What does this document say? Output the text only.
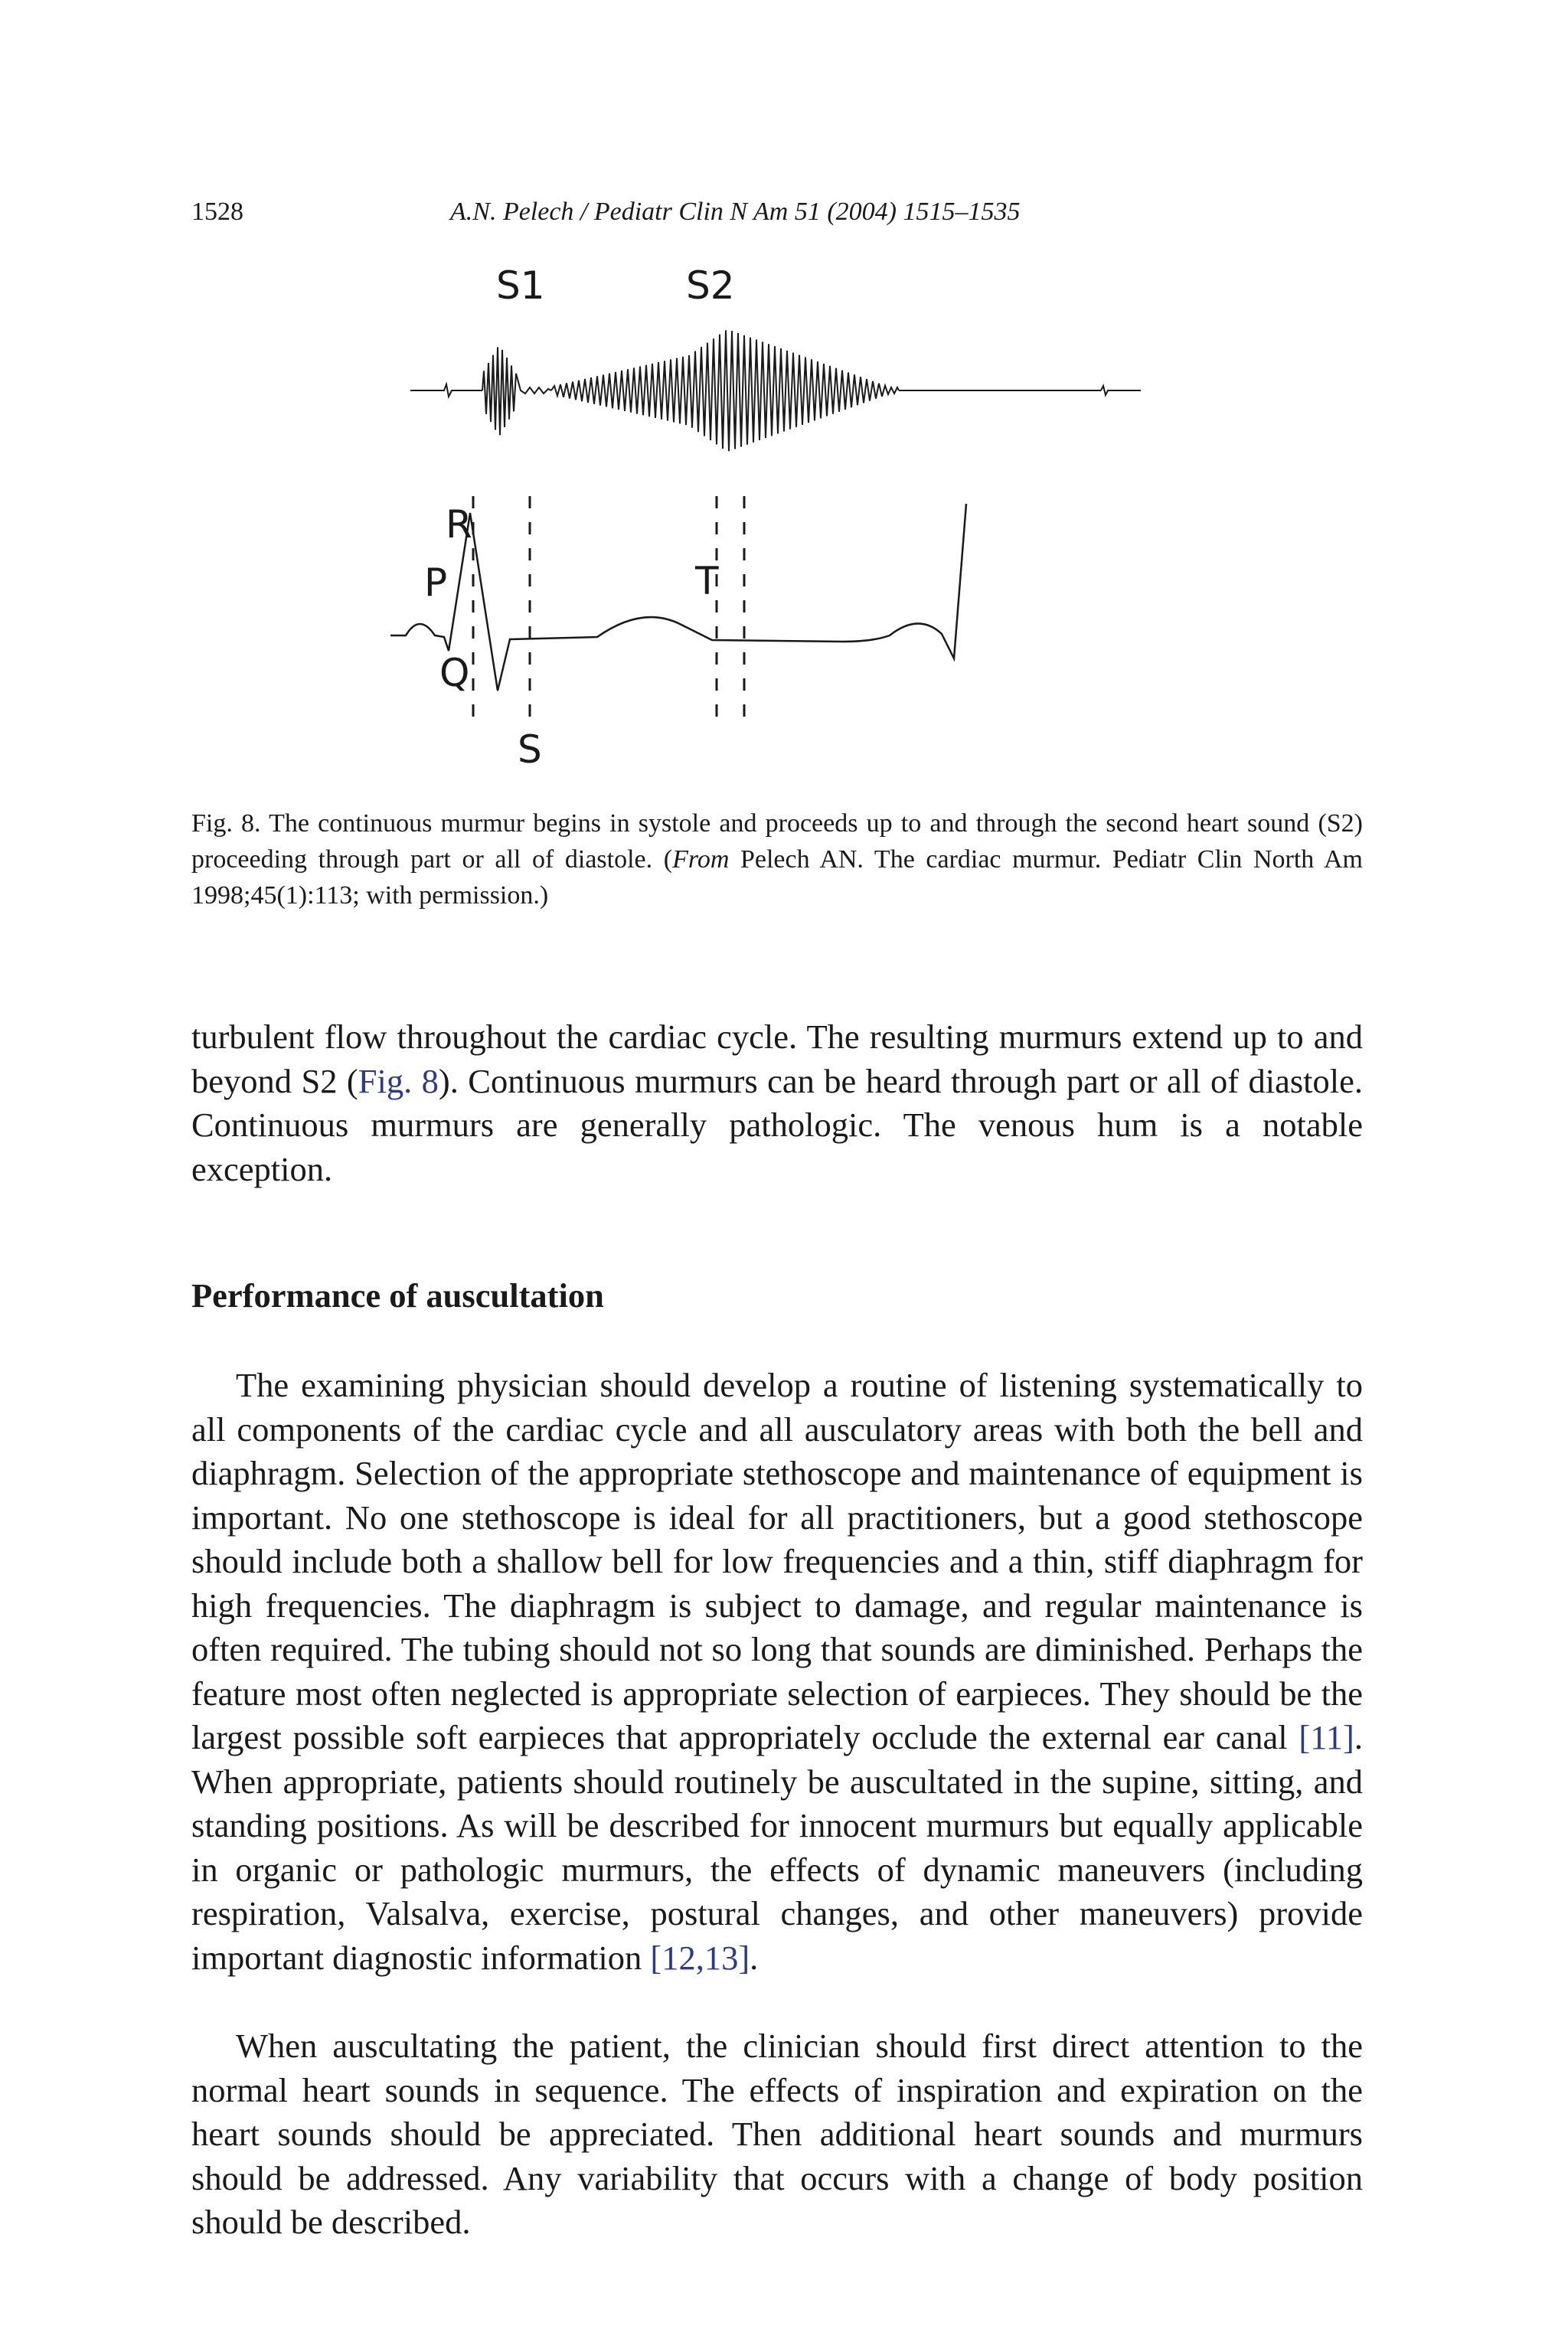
1528	A.N. Pelech / Pediatr Clin N Am 51 (2004) 1515–1535
S1	S2
R
P
Q
S
T
Fig. 8. The continuous murmur begins in systole and proceeds up to and through the second heart sound (S2) proceeding through part or all of diastole. (From Pelech AN. The cardiac murmur. Pediatr Clin North Am 1998;45(1):113; with permission.)
turbulent flow throughout the cardiac cycle. The resulting murmurs extend up to and beyond S2 (Fig. 8). Continuous murmurs can be heard through part or all of diastole. Continuous murmurs are generally pathologic. The venous hum is a notable exception.
Performance of auscultation
The examining physician should develop a routine of listening systematically to all components of the cardiac cycle and all ausculatory areas with both the bell and diaphragm. Selection of the appropriate stethoscope and maintenance of equipment is important. No one stethoscope is ideal for all practitioners, but a good stethoscope should include both a shallow bell for low frequencies and a thin, stiff diaphragm for high frequencies. The diaphragm is subject to damage, and regular maintenance is often required. The tubing should not so long that sounds are diminished. Perhaps the feature most often neglected is appropriate selection of earpieces. They should be the largest possible soft earpieces that appropriately occlude the external ear canal [11]. When appropriate, patients should routinely be auscultated in the supine, sitting, and standing positions. As will be described for innocent murmurs but equally applicable in organic or pathologic murmurs, the effects of dynamic maneuvers (including respiration, Valsalva, exercise, postural changes, and other maneuvers) provide important diagnostic information [12,13].
When auscultating the patient, the clinician should first direct attention to the normal heart sounds in sequence. The effects of inspiration and expiration on the heart sounds should be appreciated. Then additional heart sounds and murmurs should be addressed. Any variability that occurs with a change of body position should be described.
